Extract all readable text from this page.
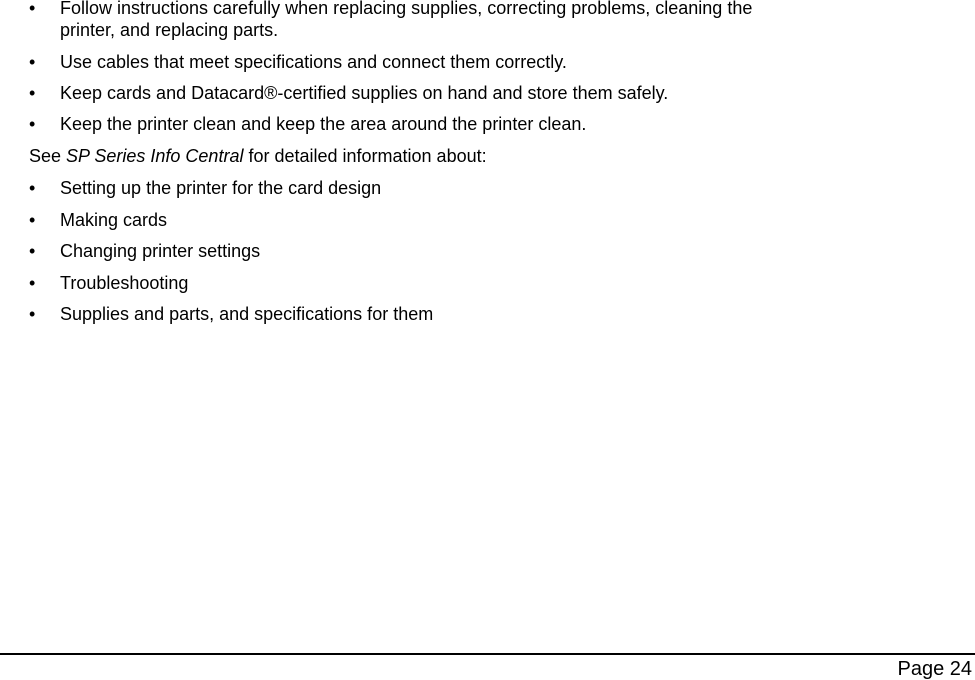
• Follow instructions carefully when replacing supplies, correcting problems, cleaning the printer, and replacing parts.
• Use cables that meet specifications and connect them correctly.
• Keep cards and Datacard®-certified supplies on hand and store them safely.
• Keep the printer clean and keep the area around the printer clean.

See SP Series Info Central for detailed information about:

• Setting up the printer for the card design
• Making cards
• Changing printer settings
• Troubleshooting
• Supplies and parts, and specifications for them
Page 24
